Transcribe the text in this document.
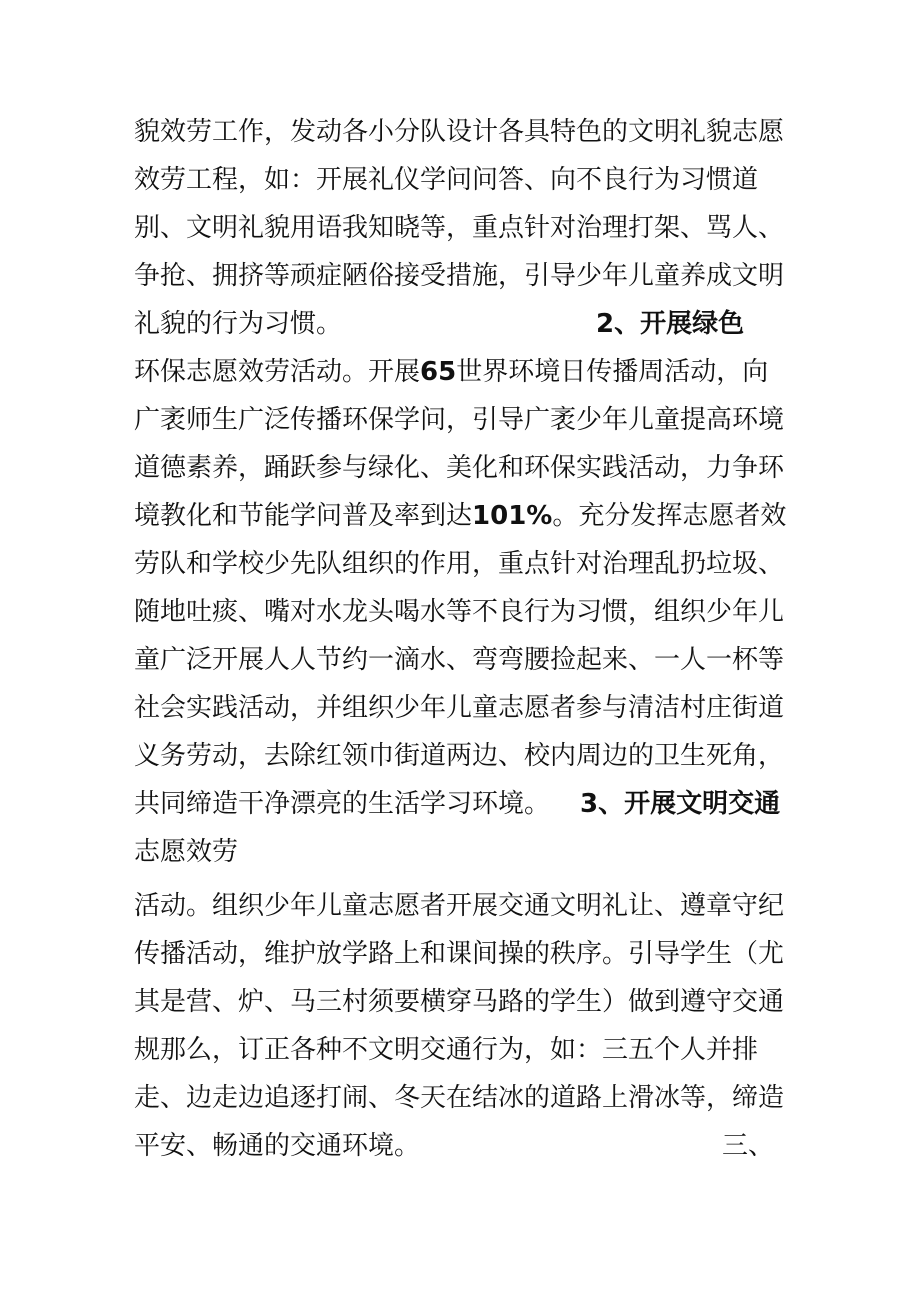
貌效劳工作，发动各小分队设计各具特色的文明礼貌志愿
效劳工程，如：开展礼仪学问问答、向不良行为习惯道
别、文明礼貌用语我知晓等，重点针对治理打架、骂人、
争抢、拥挤等顽症陋俗接受措施，引导少年儿童养成文明
礼貌的行为习惯。	2、开展绿色
环保志愿效劳活动。开展65世界环境日传播周活动，向
广袤师生广泛传播环保学问，引导广袤少年儿童提高环境
道德素养，踊跃参与绿化、美化和环保实践活动，力争环
境教化和节能学问普及率到达101%。充分发挥志愿者效
劳队和学校少先队组织的作用，重点针对治理乱扔垃圾、
随地吐痰、嘴对水龙头喝水等不良行为习惯，组织少年儿
童广泛开展人人节约一滴水、弯弯腰捡起来、一人一杯等
社会实践活动，并组织少年儿童志愿者参与清洁村庄街道
义务劳动，去除红领巾街道两边、校内周边的卫生死角，
共同缔造干净漂亮的生活学习环境。 3、开展文明交通
志愿效劳
活动。组织少年儿童志愿者开展交通文明礼让、遵章守纪
传播活动，维护放学路上和课间操的秩序。引导学生（尤
其是营、炉、马三村须要横穿马路的学生）做到遵守交通
规那么，订正各种不文明交通行为，如：三五个人并排
走、边走边追逐打闹、冬天在结冰的道路上滑冰等，缔造
平安、畅通的交通环境。	三、
